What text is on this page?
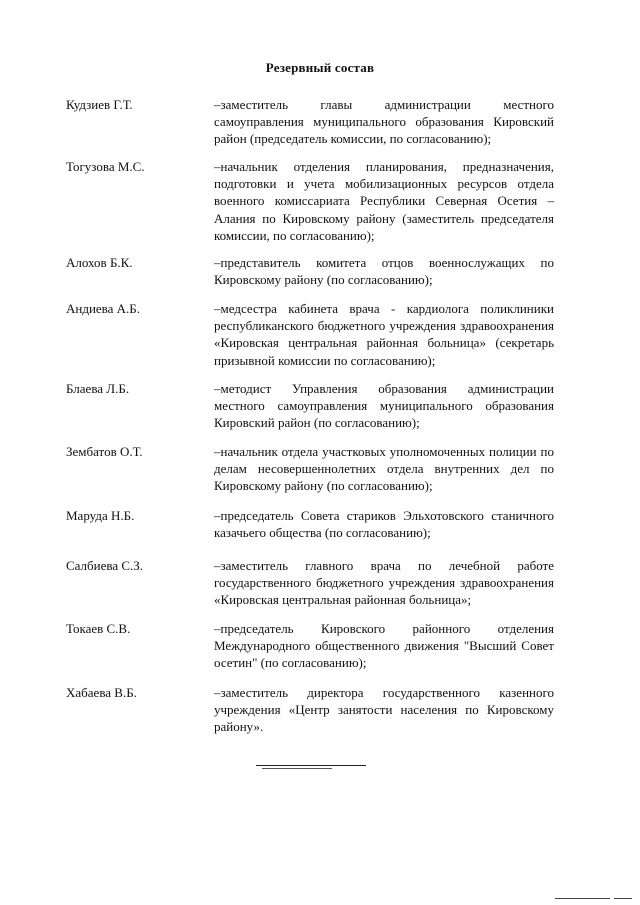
Резервный состав
Кудзиев Г.Т.	–заместитель главы администрации местного самоуправления муниципального образования Кировский район (председатель комиссии, по согласованию);
Тогузова М.С.	–начальник отделения планирования, предназначения, подготовки и учета мобилизационных ресурсов отдела военного комиссариата Республики Северная Осетия – Алания по Кировскому району (заместитель председателя комиссии, по согласованию);
Алохов Б.К.	–представитель комитета отцов военнослужащих по Кировскому району (по согласованию);
Андиева А.Б.	–медсестра кабинета врача - кардиолога поликлиники республиканского бюджетного учреждения здравоохранения «Кировская центральная районная больница» (секретарь призывной комиссии по согласованию);
Блаева Л.Б.	–методист Управления образования администрации местного самоуправления муниципального образования Кировский район (по согласованию);
Зембатов О.Т.	–начальник отдела участковых уполномоченных полиции по делам несовершеннолетних отдела внутренних дел по Кировскому району (по согласованию);
Маруда Н.Б.	–председатель Совета стариков Эльхотовского станичного казачьего общества (по согласованию);
Салбиева С.З.	–заместитель главного врача по лечебной работе государственного бюджетного учреждения здравоохранения «Кировская центральная районная больница»;
Токаев С.В.	–председатель Кировского районного отделения Международного общественного движения "Высший Совет осетин" (по согласованию);
Хабаева В.Б.	–заместитель директора государственного казенного учреждения «Центр занятости населения по Кировскому району».
